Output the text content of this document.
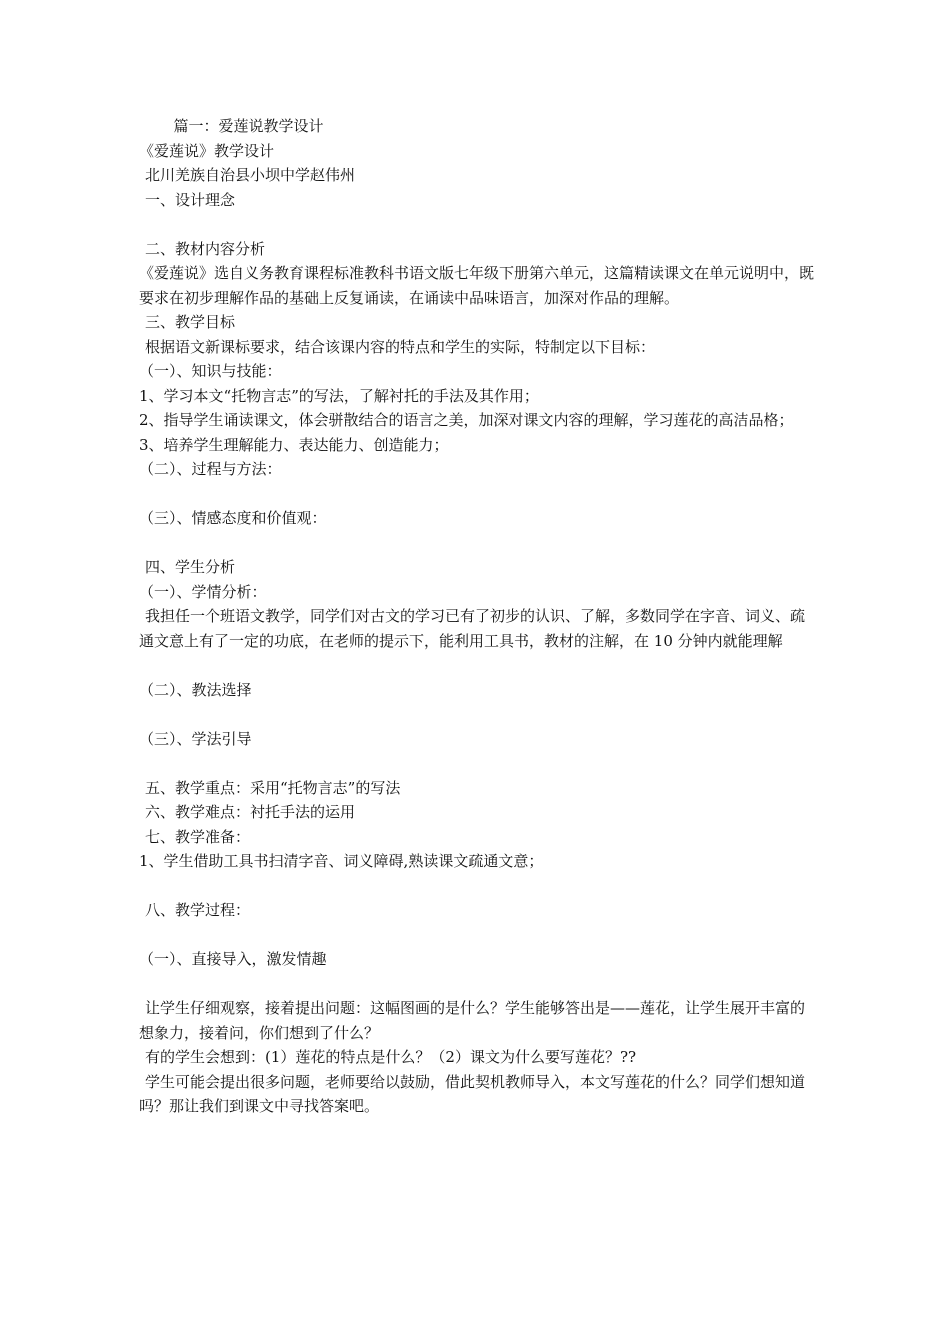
篇一：爱莲说教学设计

《爱莲说》教学设计

北川羌族自治县小坝中学赵伟州

一、设计理念

二、教材内容分析

《爱莲说》选自义务教育课程标准教科书语文版七年级下册第六单元，这篇精读课文在单元说明中，既要求在初步理解作品的基础上反复诵读，在诵读中品味语言，加深对作品的理解。

三、教学目标

根据语文新课标要求，结合该课内容的特点和学生的实际，特制定以下目标：

（一）、知识与技能：

1、学习本文“托物言志”的写法，了解衬托的手法及其作用；

2、指导学生诵读课文，体会骈散结合的语言之美，加深对课文内容的理解，学习莲花的高洁品格；

3、培养学生理解能力、表达能力、创造能力；

（二）、过程与方法：

（三）、情感态度和价值观：

四、学生分析

（一）、学情分析：

我担任一个班语文教学，同学们对古文的学习已有了初步的认识、了解，多数同学在字音、词义、疏通文意上有了一定的功底，在老师的提示下，能利用工具书，教材的注解，在 10 分钟内就能理解

（二）、教法选择

（三）、学法引导

五、教学重点：采用“托物言志”的写法

六、教学难点：衬托手法的运用

七、教学准备：

1、学生借助工具书扫清字音、词义障碍,熟读课文疏通文意；

八、教学过程：

（一）、直接导入，激发情趣

让学生仔细观察，接着提出问题：这幅图画的是什么？学生能够答出是——莲花，让学生展开丰富的想象力，接着问，你们想到了什么？

有的学生会想到：(1）莲花的特点是什么？（2）课文为什么要写莲花？??

学生可能会提出很多问题，老师要给以鼓励，借此契机教师导入，本文写莲花的什么？同学们想知道吗？那让我们到课文中寻找答案吧。
